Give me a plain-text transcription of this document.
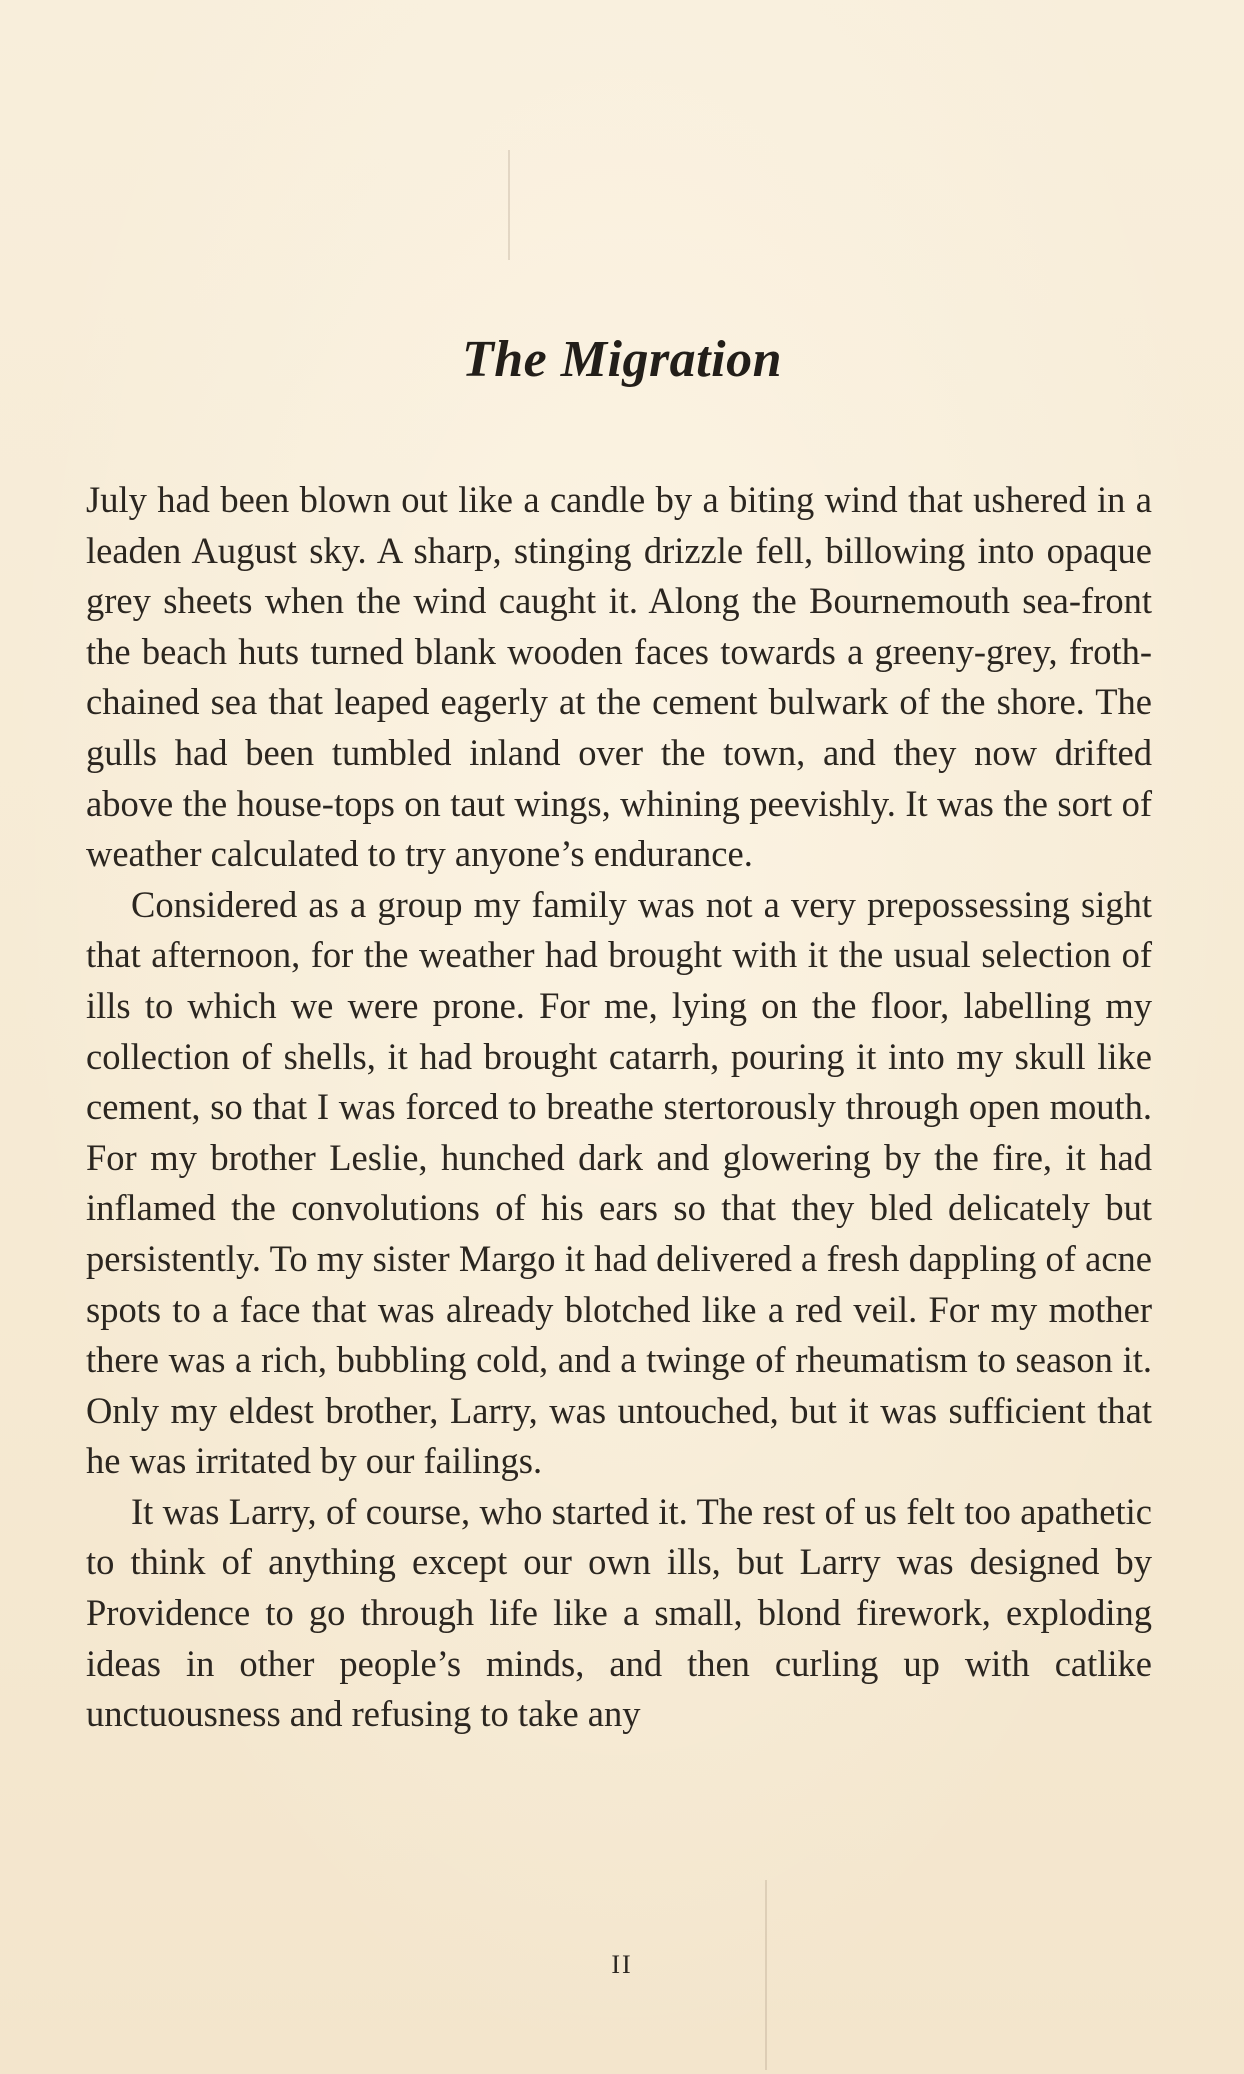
The Migration

July had been blown out like a candle by a biting wind that ushered in a leaden August sky. A sharp, stinging drizzle fell, billowing into opaque grey sheets when the wind caught it. Along the Bournemouth sea-front the beach huts turned blank wooden faces towards a greeny-grey, froth-chained sea that leaped eagerly at the cement bulwark of the shore. The gulls had been tumbled inland over the town, and they now drifted above the house-tops on taut wings, whining peevishly. It was the sort of weather calculated to try anyone’s endurance.

Considered as a group my family was not a very prepossessing sight that afternoon, for the weather had brought with it the usual selection of ills to which we were prone. For me, lying on the floor, labelling my collection of shells, it had brought catarrh, pouring it into my skull like cement, so that I was forced to breathe stertorously through open mouth. For my brother Leslie, hunched dark and glowering by the fire, it had inflamed the convolutions of his ears so that they bled delicately but persistently. To my sister Margo it had delivered a fresh dappling of acne spots to a face that was already blotched like a red veil. For my mother there was a rich, bubbling cold, and a twinge of rheumatism to season it. Only my eldest brother, Larry, was untouched, but it was sufficient that he was irritated by our failings.

It was Larry, of course, who started it. The rest of us felt too apathetic to think of anything except our own ills, but Larry was designed by Providence to go through life like a small, blond firework, exploding ideas in other people’s minds, and then curling up with catlike unctuousness and refusing to take any

II
